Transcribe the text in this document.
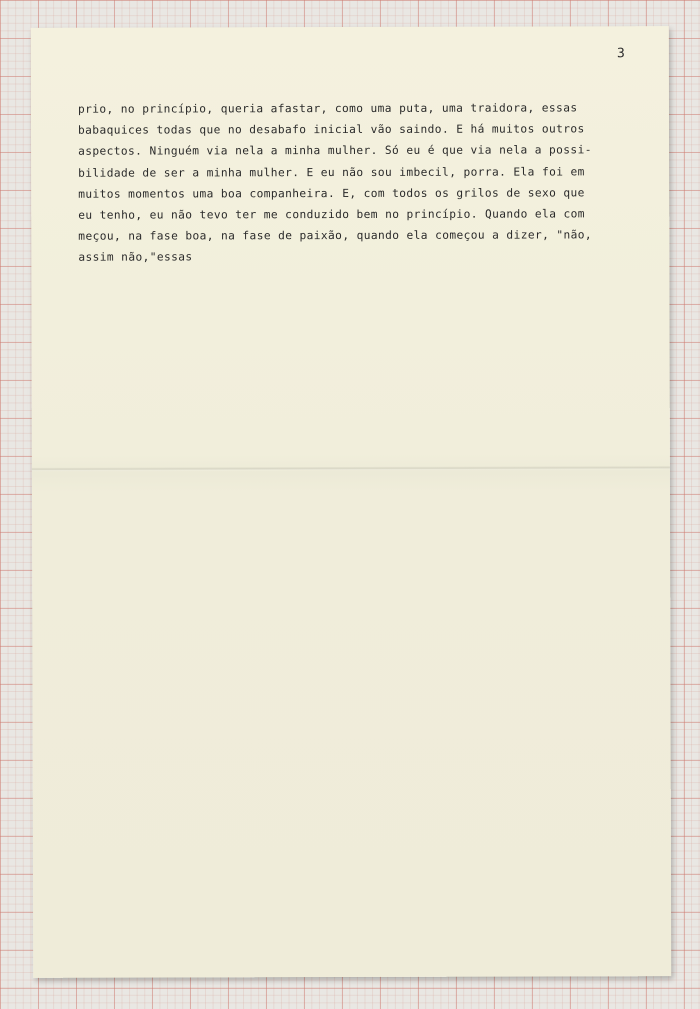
3
prio, no princípio, queria afastar, como uma puta, uma traidora, essas
babaquices todas que no desabafo inicial vão saindo. E há muitos outros
aspectos. Ninguém via nela a minha mulher. Só eu é que via nela a possi-
bilidade de ser a minha mulher. E eu não sou imbecil, porra. Ela foi em
muitos momentos uma boa companheira. E, com todos os grilos de sexo que
eu tenho, eu não tevo ter me conduzido bem no princípio. Quando ela com
meçou, na fase boa, na fase de paixão, quando ela começou a dizer, "não,
assim não,"essas
